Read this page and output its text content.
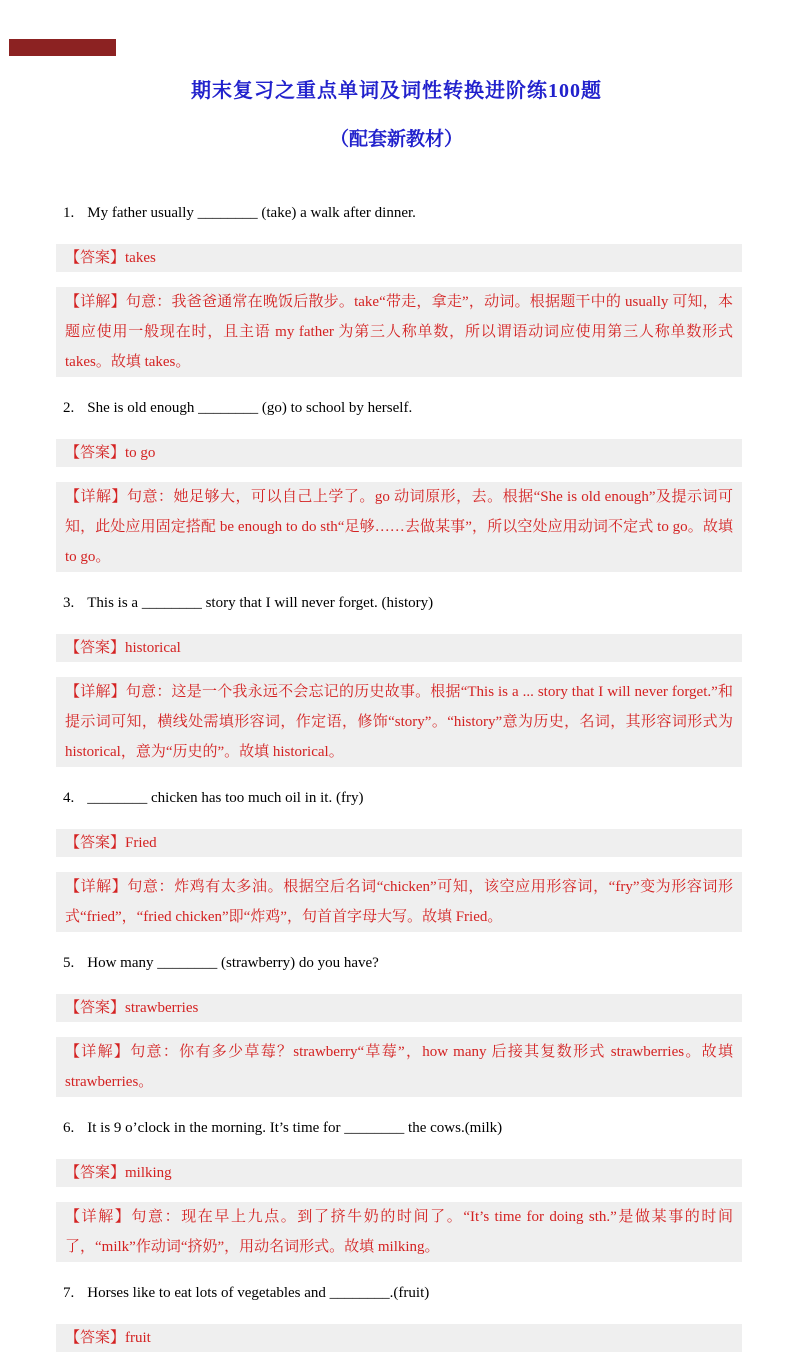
期末复习之重点单词及词性转换进阶练100题
（配套新教材）

1. My father usually ________ (take) a walk after dinner.

【答案】takes

【详解】句意：我爸爸通常在晚饭后散步。take“带走，拿走”，动词。根据题干中的 usually 可知，本题应使用一般现在时，且主语 my father 为第三人称单数，所以谓语动词应使用第三人称单数形式 takes。故填 takes。

2. She is old enough ________ (go) to school by herself.

【答案】to go

【详解】句意：她足够大，可以自己上学了。go 动词原形，去。根据“She is old enough”及提示词可知，此处应用固定搭配 be enough to do sth“足够……去做某事”，所以空处应用动词不定式 to go。故填 to go。

3. This is a ________ story that I will never forget. (history)

【答案】historical

【详解】句意：这是一个我永远不会忘记的历史故事。根据“This is a ... story that I will never forget.”和提示词可知，横线处需填形容词，作定语，修饰“story”。“history”意为历史，名词，其形容词形式为 historical，意为“历史的”。故填 historical。

4. ________ chicken has too much oil in it. (fry)

【答案】Fried

【详解】句意：炸鸡有太多油。根据空后名词“chicken”可知，该空应用形容词，“fry”变为形容词形式“fried”，“fried chicken”即“炸鸡”，句首首字母大写。故填 Fried。

5. How many ________ (strawberry) do you have?

【答案】strawberries

【详解】句意：你有多少草莓？strawberry“草莓”，how many 后接其复数形式 strawberries。故填 strawberries。

6. It is 9 o’clock in the morning. It’s time for ________ the cows.(milk)

【答案】milking

【详解】句意：现在早上九点。到了挤牛奶的时间了。“It’s time for doing sth.”是做某事的时间了，“milk”作动词“挤奶”，用动名词形式。故填 milking。

7. Horses like to eat lots of vegetables and ________.(fruit)

【答案】fruit
